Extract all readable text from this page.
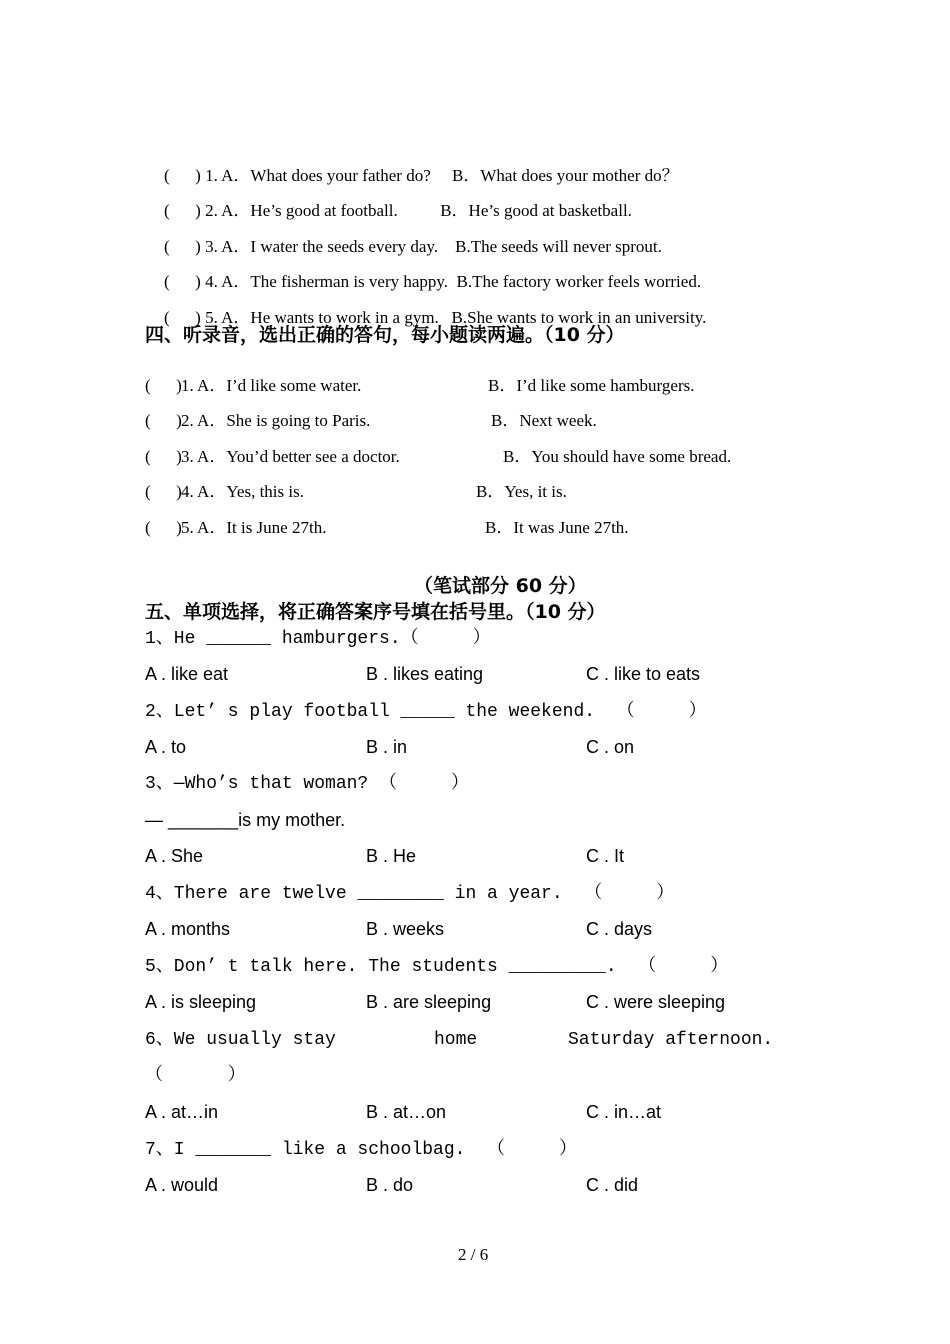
(      ) 1. A．What does your father do?     B．What does your mother do？

(      ) 2. A．He’s good at football.          B．He’s good at basketball.

(      ) 3. A．I water the seeds every day.    B.The seeds will never sprout.

(      ) 4. A．The fisherman is very happy.  B.The factory worker feels worried.

(      ) 5. A．He wants to work in a gym.   B.She wants to work in an university.

四、听录音，选出正确的答句，每小题读两遍。（10 分）
(      ) 1. A．I’d like some water.	B．I’d like some hamburgers.
(      ) 2. A．She is going to Paris.	B．Next week.
(      ) 3. A．You’d better see a doctor.	B．You should have some bread.
(      ) 4. A．Yes, this is.	B．Yes, it is.
(      ) 5. A．It is June 27th.	B．It was June 27th.
（笔试部分 60 分）
五、单项选择，将正确答案序号填在括号里。（10 分）
1、He ______ hamburgers.（     ）
A . like eat	B . likes eating	C . like to eats
2、Let’ s play football _____ the weekend.  （     ）
A . to	B . in	C . on
3、—Who’s that woman? （     ）
— _______is my mother.
A . She	B . He	C . It
4、There are twelve ________ in a year.  （     ）
A . months	B . weeks	C . days
5、Don’ t talk here. The students _________.  （     ）
A . is sleeping	B . are sleeping	C . were sleeping
6、We usually stay	home	Saturday afternoon.
（      ）
A . at…in	B . at…on	C . in…at
7、I _______ like a schoolbag.  （     ）
A . would	B . do	C . did
2 / 6
